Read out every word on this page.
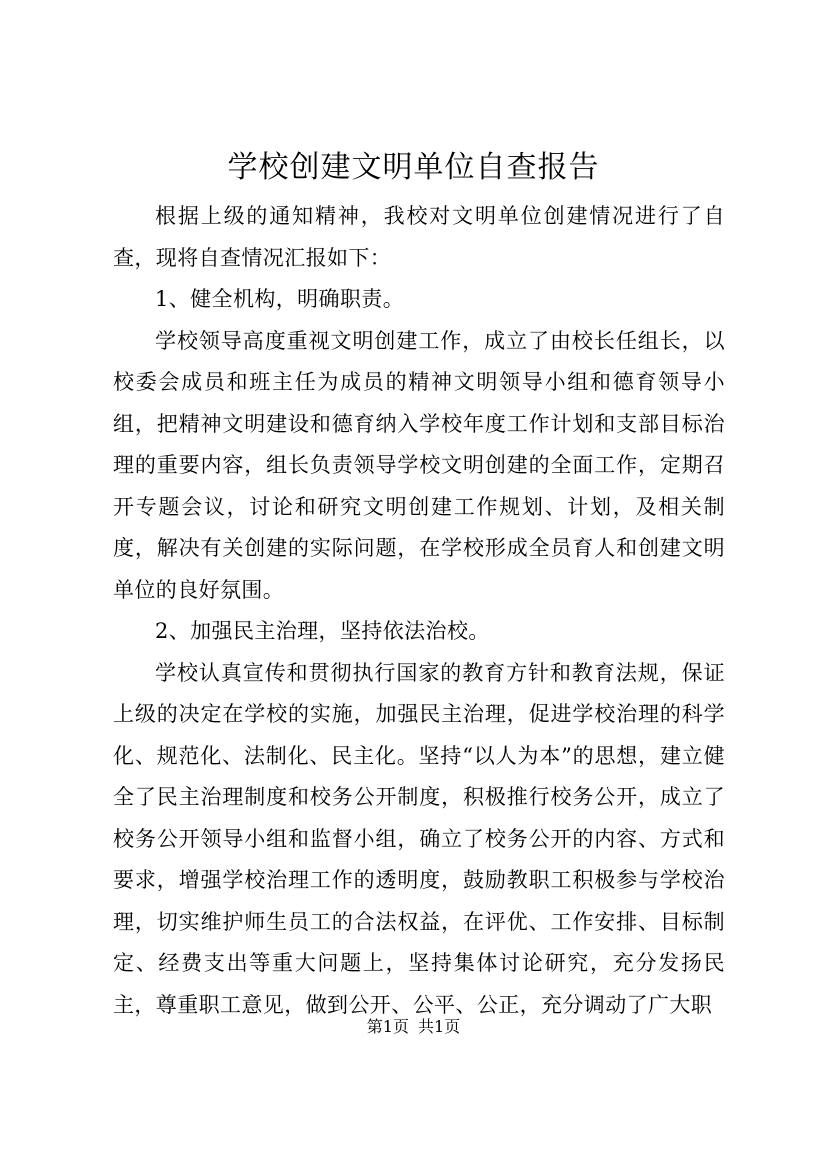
学校创建文明单位自查报告

根据上级的通知精神，我校对文明单位创建情况进行了自查，现将自查情况汇报如下：

1、健全机构，明确职责。

学校领导高度重视文明创建工作，成立了由校长任组长，以校委会成员和班主任为成员的精神文明领导小组和德育领导小组，把精神文明建设和德育纳入学校年度工作计划和支部目标治理的重要内容，组长负责领导学校文明创建的全面工作，定期召开专题会议，讨论和研究文明创建工作规划、计划，及相关制度，解决有关创建的实际问题，在学校形成全员育人和创建文明单位的良好氛围。

2、加强民主治理，坚持依法治校。

学校认真宣传和贯彻执行国家的教育方针和教育法规，保证上级的决定在学校的实施，加强民主治理，促进学校治理的科学化、规范化、法制化、民主化。坚持“以人为本”的思想，建立健全了民主治理制度和校务公开制度，积极推行校务公开，成立了校务公开领导小组和监督小组，确立了校务公开的内容、方式和要求，增强学校治理工作的透明度，鼓励教职工积极参与学校治理，切实维护师生员工的合法权益，在评优、工作安排、目标制定、经费支出等重大问题上，坚持集体讨论研究，充分发扬民主，尊重职工意见，做到公开、公平、公正，充分调动了广大职

第1页 共1页
